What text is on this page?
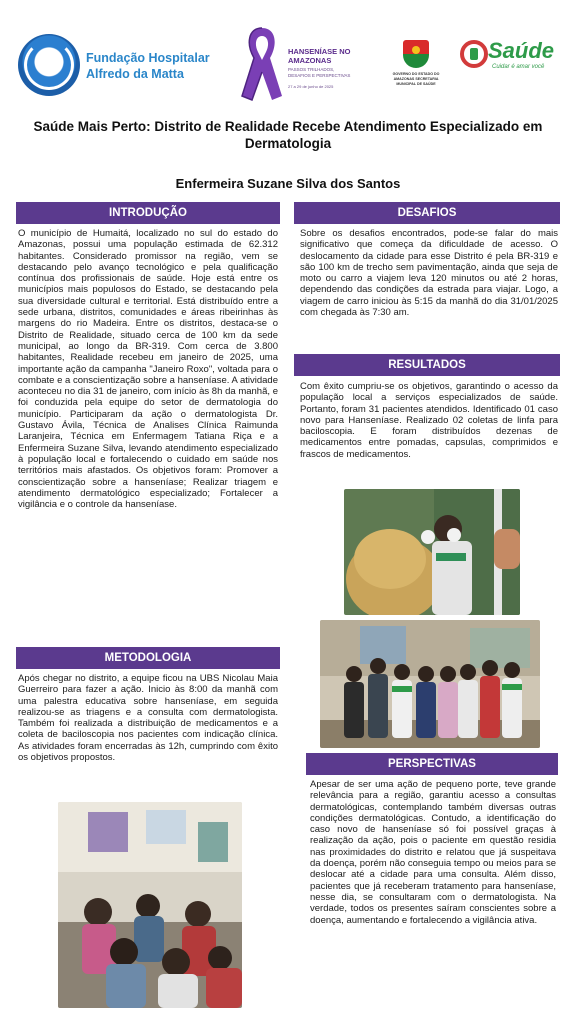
Fundação Hospitalar Alfredo da Matta
HANSENÍASE NO AMAZONAS
PASSOS TRILHADOS, DESAFIOS E PERSPECTIVAS
27 a 29 de junho de 2025
GOVERNO DO ESTADO DO AMAZONAS SECRETARIA MUNICIPAL DE SAÚDE
Saúde
Cuidar é amar você
Saúde Mais Perto: Distrito de Realidade Recebe Atendimento Especializado em Dermatologia
Enfermeira Suzane Silva dos Santos
INTRODUÇÃO
O município de Humaitá, localizado no sul do estado do Amazonas, possui uma população estimada de 62.312 habitantes. Considerado promissor na região, vem se destacando pelo avanço tecnológico e pela qualificação contínua dos profissionais de saúde. Hoje está entre os municípios mais populosos do Estado, se destacando pela sua diversidade cultural e territorial. Está distribuído entre a sede urbana, distritos, comunidades e áreas ribeirinhas às margens do rio Madeira. Entre os distritos, destaca-se o Distrito de Realidade, situado cerca de 100 km da sede municipal, ao longo da BR-319. Com cerca de 3.800 habitantes, Realidade recebeu em janeiro de 2025, uma importante ação da campanha "Janeiro Roxo", voltada para o combate e a conscientização sobre a hanseníase. A atividade aconteceu no dia 31 de janeiro, com início às 8h da manhã, e foi conduzida pela equipe do setor de dermatologia do município. Participaram da ação o dermatologista Dr. Gustavo Ávila, Técnica de Analises Clínica Raimunda Laranjeira, Técnica em Enfermagem Tatiana Riça e a Enfermeira Suzane Silva, levando atendimento especializado à população local e fortalecendo o cuidado em saúde nos territórios mais afastados. Os objetivos foram: Promover a conscientização sobre a hanseníase; Realizar triagem e atendimento dermatológico especializado; Fortalecer a vigilância e o controle da hanseníase.
METODOLOGIA
Após chegar no distrito, a equipe ficou na UBS Nicolau Maia Guerreiro para fazer a ação. Inicio às 8:00 da manhã com uma palestra educativa sobre hanseníase, em seguida realizou-se as triagens e a consulta com dermatologista. Também foi realizada a distribuição de medicamentos e a coleta de baciloscopia nos pacientes com indicação clínica. As atividades foram encerradas às 12h, cumprindo com êxito os objetivos propostos.
DESAFIOS
Sobre os desafios encontrados, pode-se falar do mais significativo que começa da dificuldade de acesso. O deslocamento da cidade para esse Distrito é pela BR-319 e são 100 km de trecho sem pavimentação, ainda que seja de moto ou carro a viajem leva 120 minutos ou até 2 horas, dependendo das condições da estrada para viajar. Logo, a viagem de carro iniciou às 5:15 da manhã do dia 31/01/2025 com chegada às 7:30 am.
RESULTADOS
Com êxito cumpriu-se os objetivos, garantindo o acesso da população local a serviços especializados de saúde. Portanto, foram 31 pacientes atendidos. Identificado 01 caso novo para Hanseníase. Realizado 02 coletas de linfa para baciloscopia. E foram distribuídos dezenas de medicamentos entre pomadas, capsulas, comprimidos e frascos de medicamentos.
PERSPECTIVAS
Apesar de ser uma ação de pequeno porte, teve grande relevância para a região, garantiu acesso a consultas dermatológicas, contemplando também diversas outras condições dermatológicas. Contudo, a identificação do caso novo de hanseníase só foi possível graças à realização da ação, pois o paciente em questão residia nas proximidades do distrito e relatou que já suspeitava da doença, porém não conseguia tempo ou meios para se deslocar até a cidade para uma consulta. Além disso, pacientes que já receberam tratamento para hanseníase, nesse dia, se consultaram com o dermatologista. Na verdade, todos os presentes saíram conscientes sobre a doença, aumentando e fortalecendo a vigilância ativa.
